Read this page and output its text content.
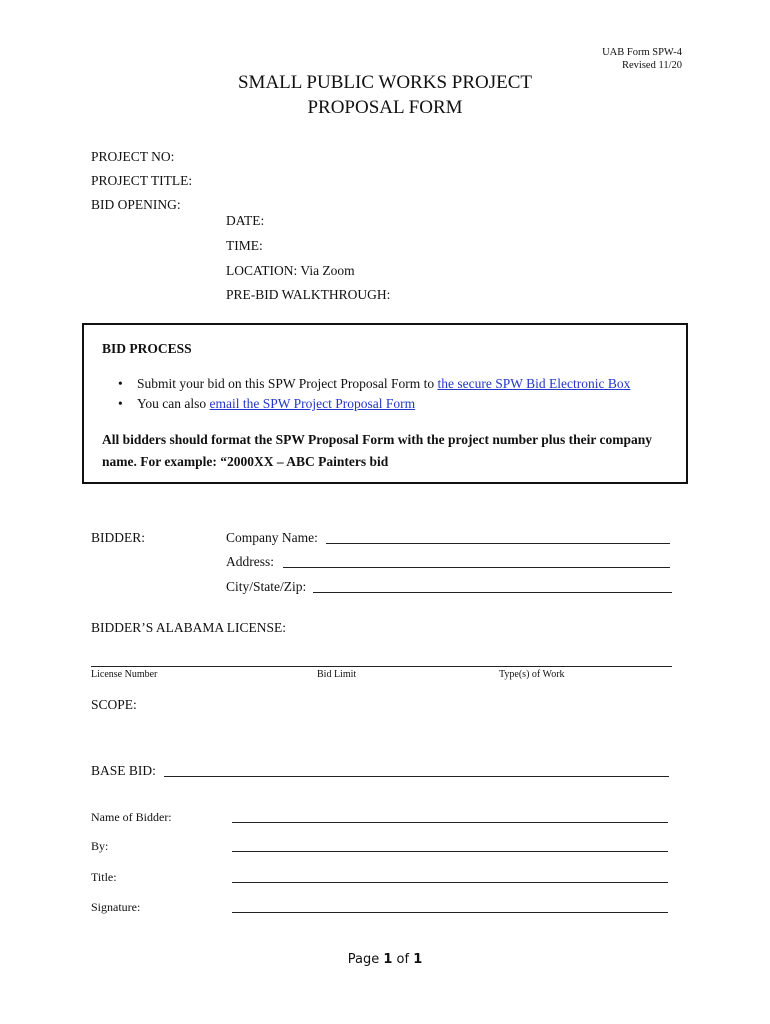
UAB Form SPW-4
Revised 11/20
SMALL PUBLIC WORKS PROJECT
PROPOSAL FORM
PROJECT NO:
PROJECT TITLE:
BID OPENING:
DATE:
TIME:
LOCATION: Via Zoom
PRE-BID WALKTHROUGH:
BID PROCESS
• Submit your bid on this SPW Project Proposal Form to the secure SPW Bid Electronic Box
• You can also email the SPW Project Proposal Form
All bidders should format the SPW Proposal Form with the project number plus their company name. For example: “2000XX – ABC Painters bid
BIDDER:	Company Name:
Address:
City/State/Zip:
BIDDER’S ALABAMA LICENSE:
License Number	Bid Limit	Type(s) of Work
SCOPE:
BASE BID:
Name of Bidder:
By:
Title:
Signature:
Page 1 of 1
